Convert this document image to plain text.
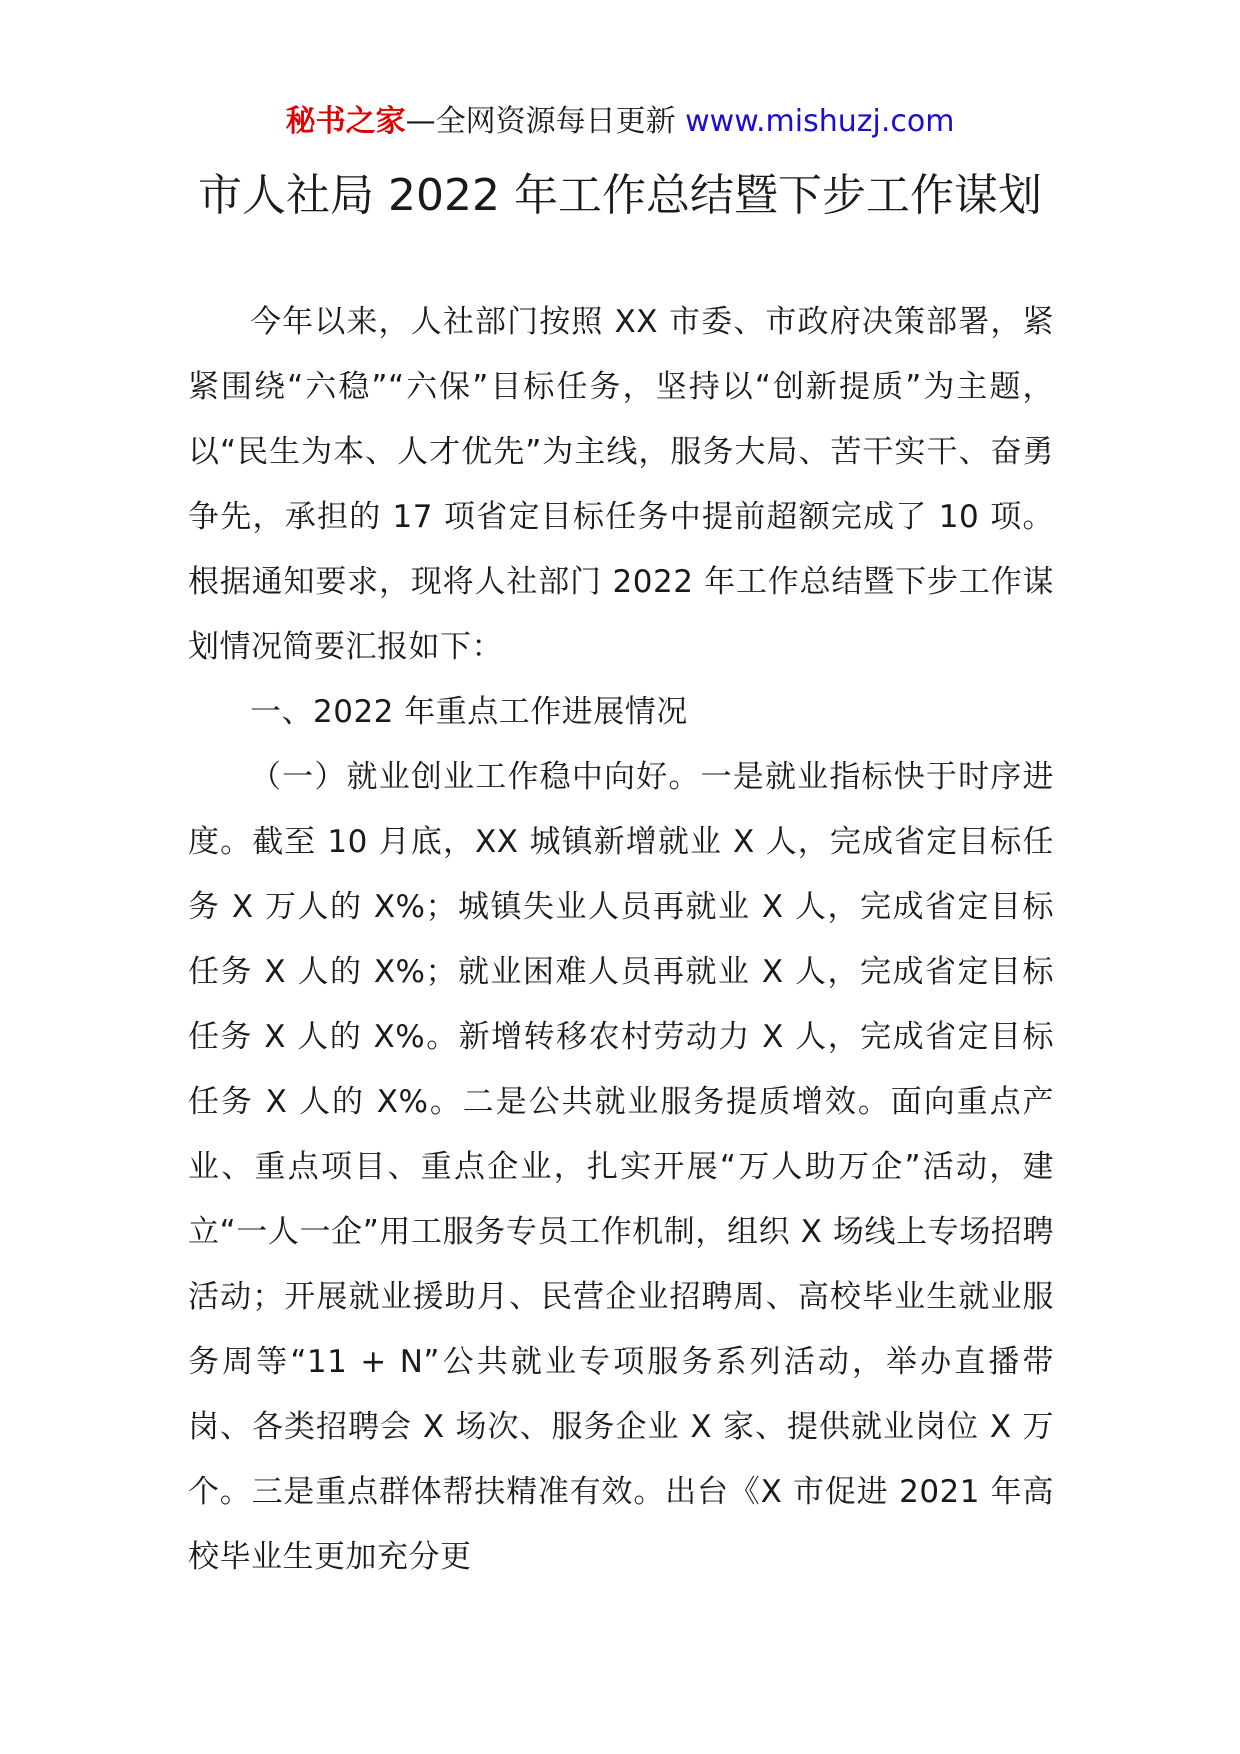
秘书之家—全网资源每日更新 www.mishuzj.com
市人社局 2022 年工作总结暨下步工作谋划

今年以来，人社部门按照 XX 市委、市政府决策部署，紧紧围绕“六稳”“六保”目标任务，坚持以“创新提质”为主题，以“民生为本、人才优先”为主线，服务大局、苦干实干、奋勇争先，承担的 17 项省定目标任务中提前超额完成了 10 项。根据通知要求，现将人社部门 2022 年工作总结暨下步工作谋划情况简要汇报如下：

一、2022 年重点工作进展情况

（一）就业创业工作稳中向好。一是就业指标快于时序进度。截至 10 月底，XX 城镇新增就业 X 人，完成省定目标任务 X 万人的 X%；城镇失业人员再就业 X 人，完成省定目标任务 X 人的 X%；就业困难人员再就业 X 人，完成省定目标任务 X 人的 X%。新增转移农村劳动力 X 人，完成省定目标任务 X 人的 X%。二是公共就业服务提质增效。面向重点产业、重点项目、重点企业，扎实开展“万人助万企”活动，建立“一人一企”用工服务专员工作机制，组织 X 场线上专场招聘活动；开展就业援助月、民营企业招聘周、高校毕业生就业服务周等“11 + N”公共就业专项服务系列活动，举办直播带岗、各类招聘会 X 场次、服务企业 X 家、提供就业岗位 X 万个。三是重点群体帮扶精准有效。出台《X 市促进 2021 年高校毕业生更加充分更
